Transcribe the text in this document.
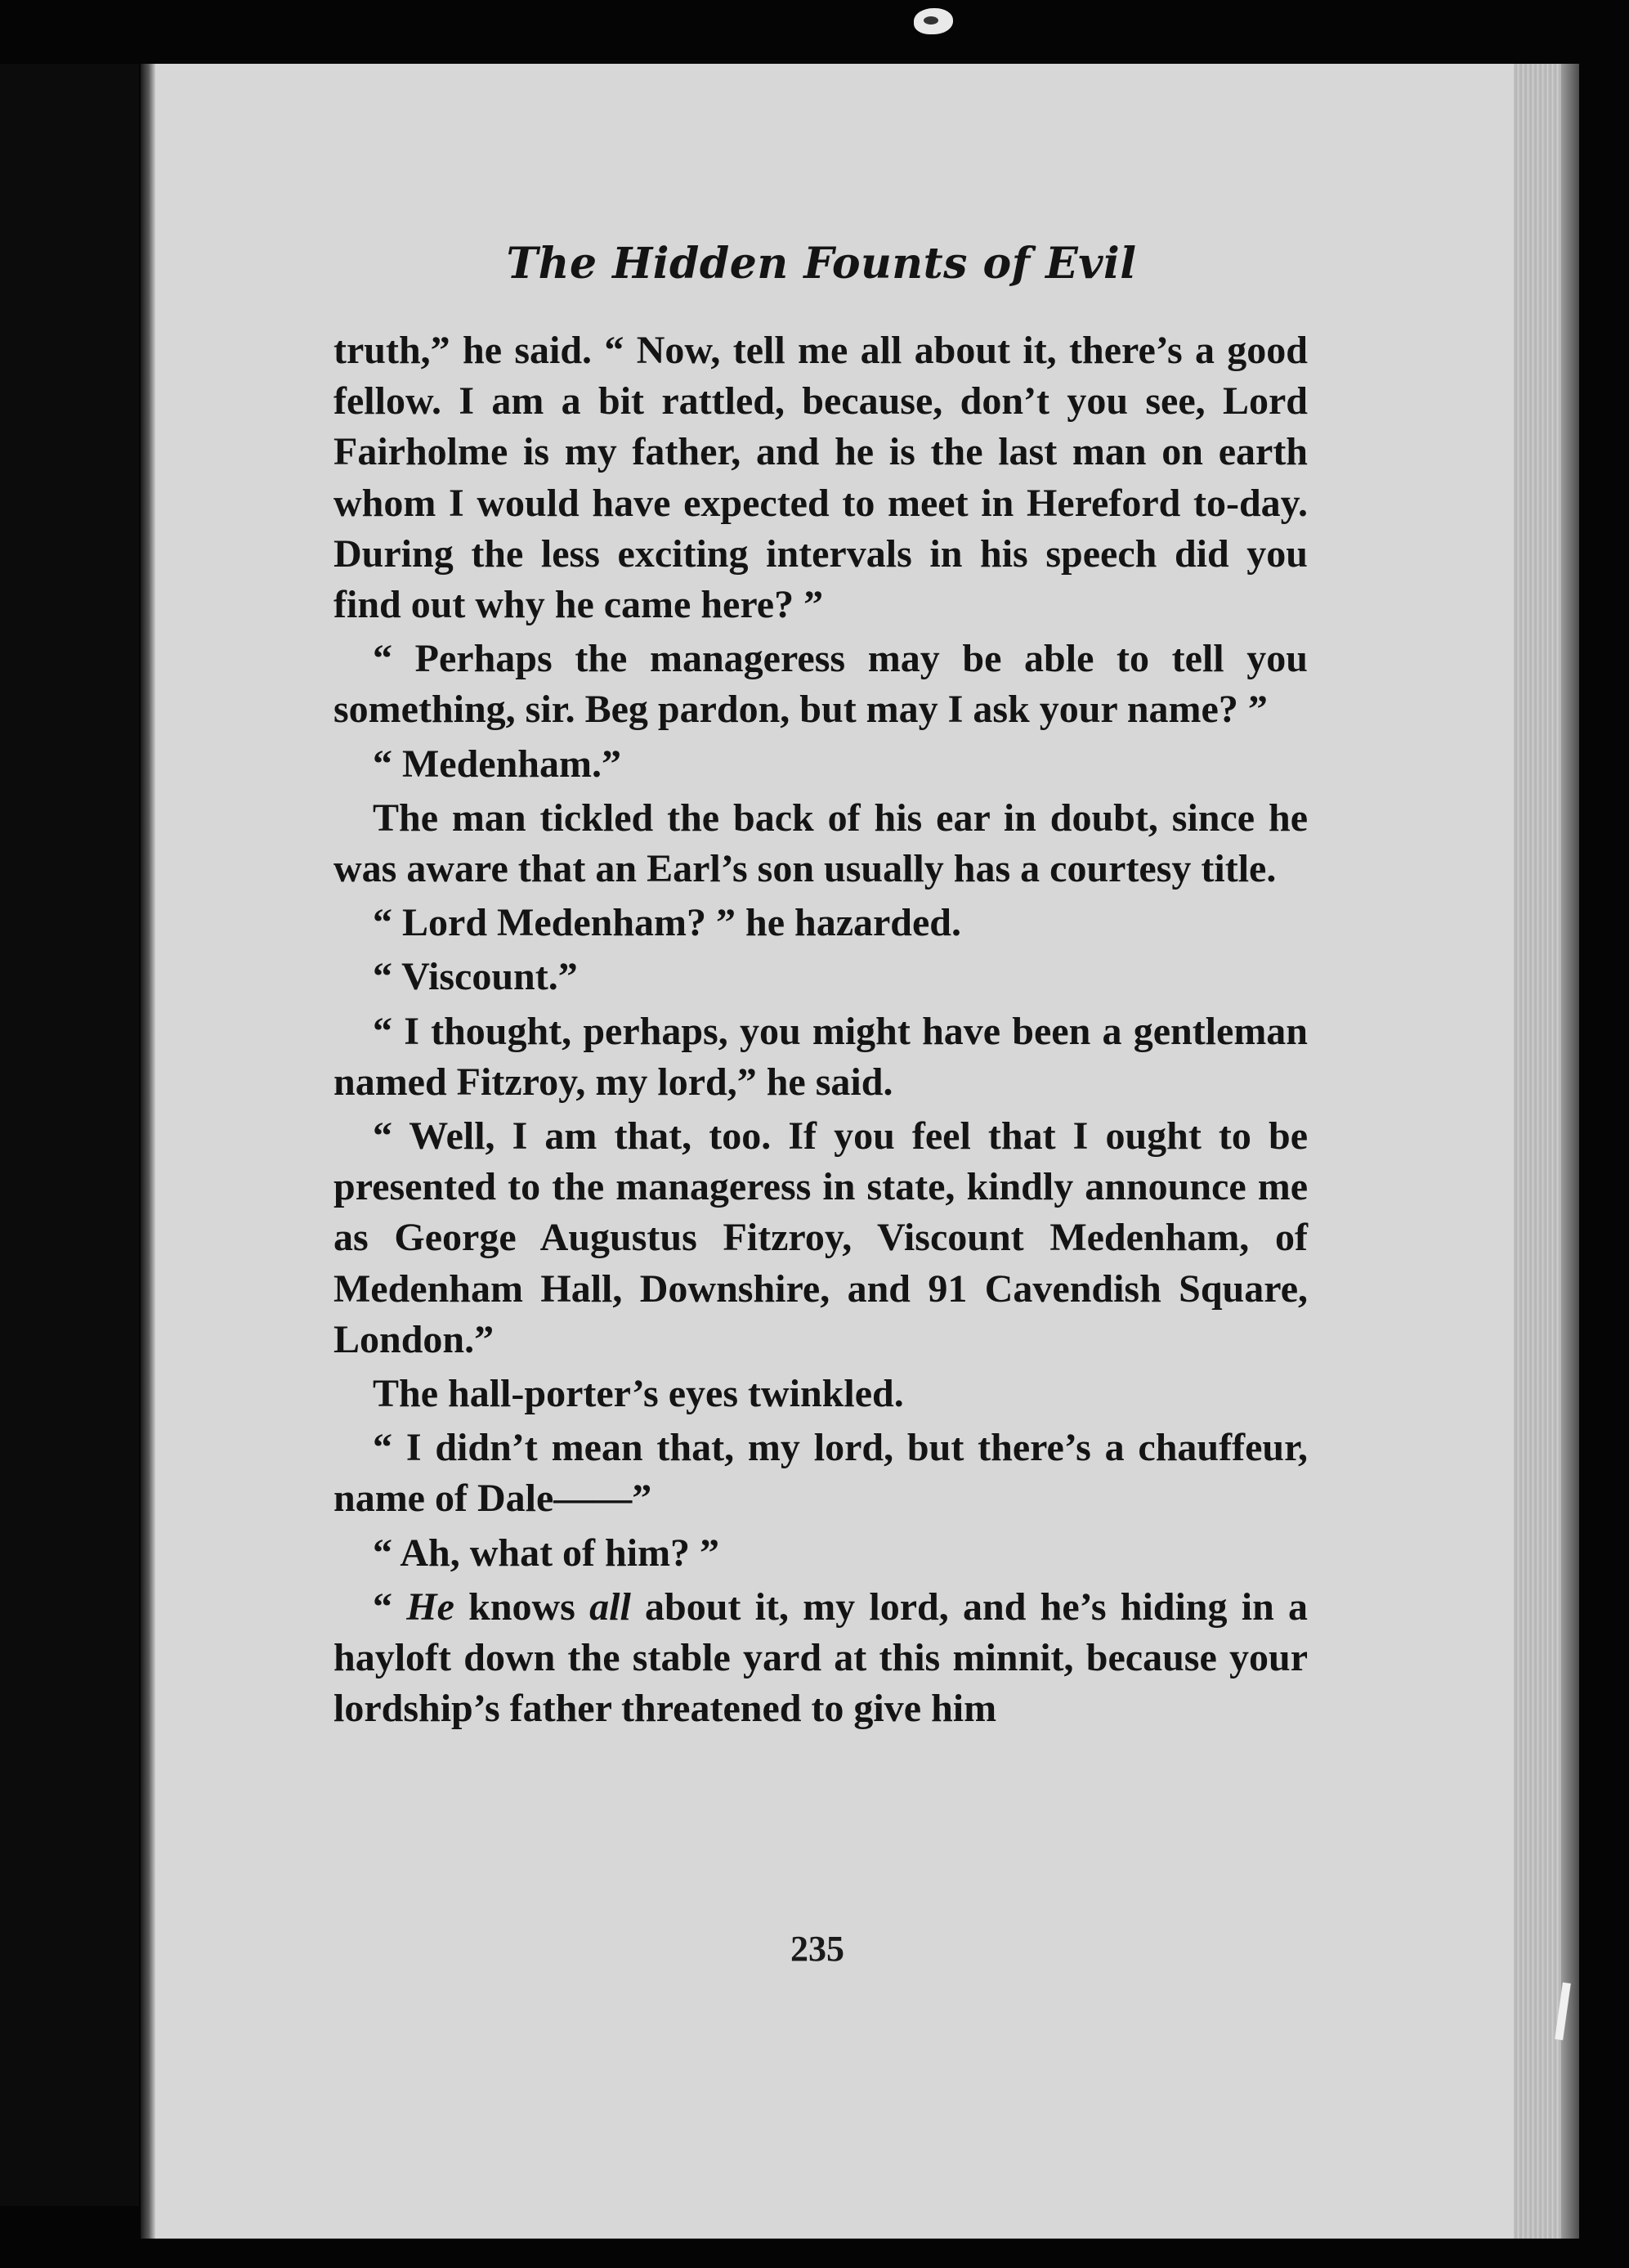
The Hidden Founts of Evil

truth,” he said. “ Now, tell me all about it, there’s a good fellow. I am a bit rattled, because, don’t you see, Lord Fairholme is my father, and he is the last man on earth whom I would have expected to meet in Hereford to-day. During the less exciting intervals in his speech did you find out why he came here? ”

“ Perhaps the manageress may be able to tell you something, sir. Beg pardon, but may I ask your name? ”

“ Medenham.”

The man tickled the back of his ear in doubt, since he was aware that an Earl’s son usually has a courtesy title.

“ Lord Medenham? ” he hazarded.

“ Viscount.”

“ I thought, perhaps, you might have been a gentleman named Fitzroy, my lord,” he said.

“ Well, I am that, too. If you feel that I ought to be presented to the manageress in state, kindly announce me as George Augustus Fitzroy, Viscount Medenham, of Medenham Hall, Downshire, and 91 Cavendish Square, London.”

The hall-porter’s eyes twinkled.

“ I didn’t mean that, my lord, but there’s a chauffeur, name of Dale——”

“ Ah, what of him? ”

“ He knows all about it, my lord, and he’s hiding in a hayloft down the stable yard at this minnit, because your lordship’s father threatened to give him

235
